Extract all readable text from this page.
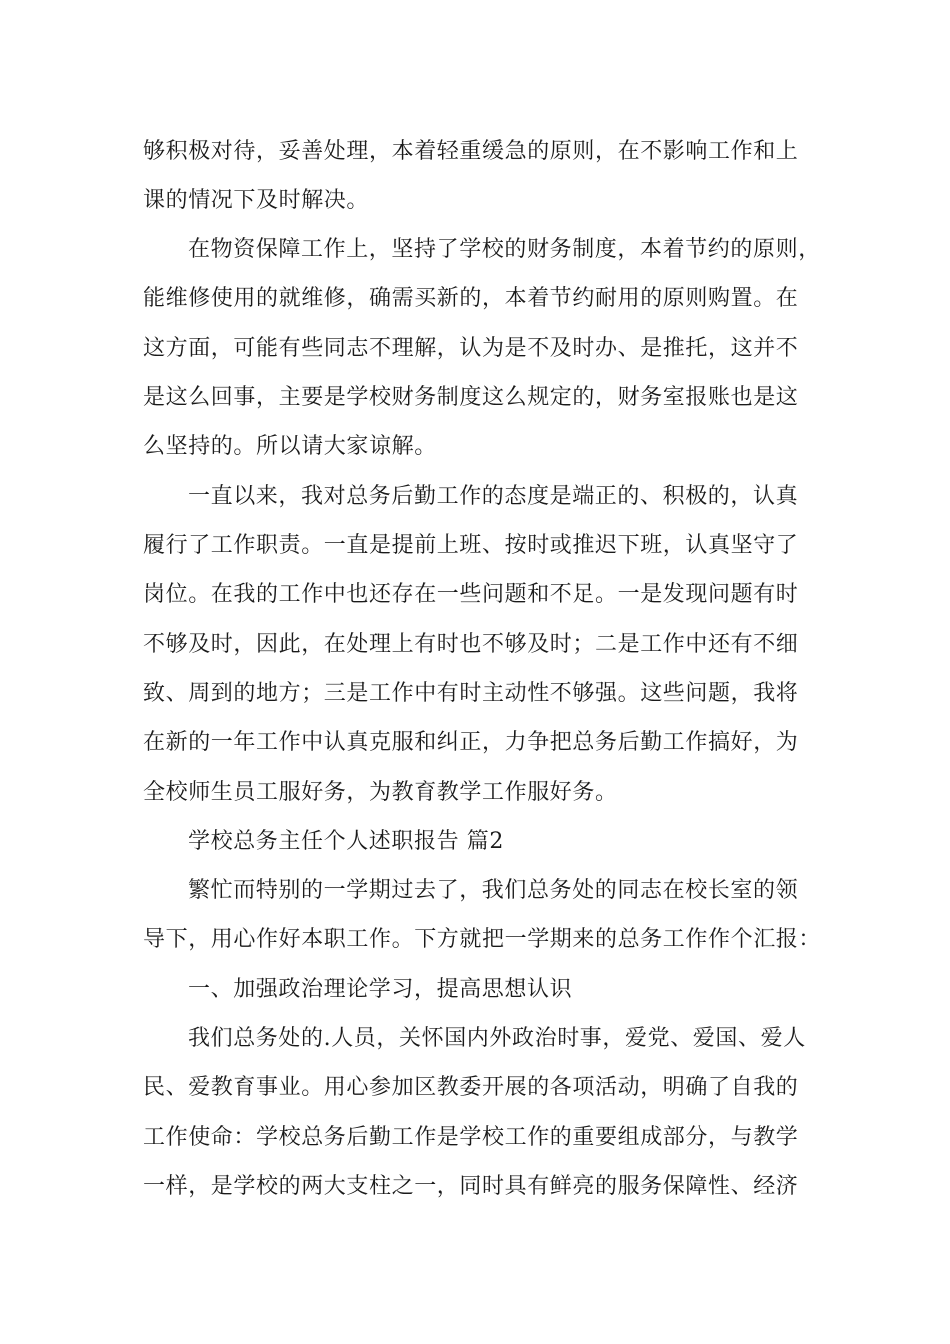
够积极对待，妥善处理，本着轻重缓急的原则，在不影响工作和上
课的情况下及时解决。
在物资保障工作上，坚持了学校的财务制度，本着节约的原则，
能维修使用的就维修，确需买新的，本着节约耐用的原则购置。在
这方面，可能有些同志不理解，认为是不及时办、是推托，这并不
是这么回事，主要是学校财务制度这么规定的，财务室报账也是这
么坚持的。所以请大家谅解。
一直以来，我对总务后勤工作的态度是端正的、积极的，认真
履行了工作职责。一直是提前上班、按时或推迟下班，认真坚守了
岗位。在我的工作中也还存在一些问题和不足。一是发现问题有时
不够及时，因此，在处理上有时也不够及时；二是工作中还有不细
致、周到的地方；三是工作中有时主动性不够强。这些问题，我将
在新的一年工作中认真克服和纠正，力争把总务后勤工作搞好，为
全校师生员工服好务，为教育教学工作服好务。
学校总务主任个人述职报告 篇2
繁忙而特别的一学期过去了，我们总务处的同志在校长室的领
导下，用心作好本职工作。下方就把一学期来的总务工作作个汇报：
一、加强政治理论学习，提高思想认识
我们总务处的.人员，关怀国内外政治时事，爱党、爱国、爱人
民、爱教育事业。用心参加区教委开展的各项活动，明确了自我的
工作使命：学校总务后勤工作是学校工作的重要组成部分，与教学
一样，是学校的两大支柱之一，同时具有鲜亮的服务保障性、经济
